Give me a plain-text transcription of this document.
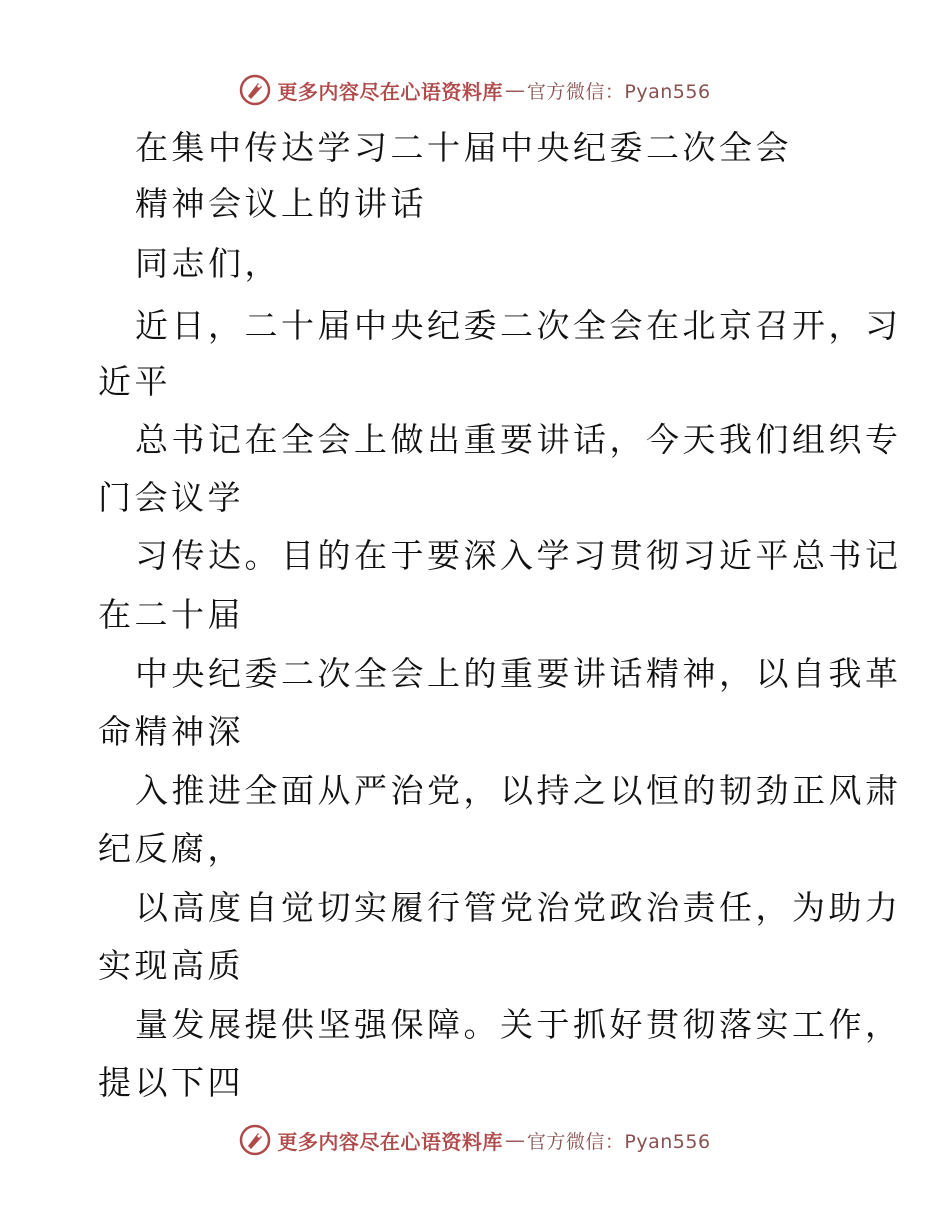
更多内容尽在心语资料库 — 官方微信：Pyan556
在集中传达学习二十届中央纪委二次全会
精神会议上的讲话
同志们，
近日，二十届中央纪委二次全会在北京召开，习
近平
总书记在全会上做出重要讲话，今天我们组织专
门会议学
习传达。目的在于要深入学习贯彻习近平总书记
在二十届
中央纪委二次全会上的重要讲话精神，以自我革
命精神深
入推进全面从严治党，以持之以恒的韧劲正风肃
纪反腐，
以高度自觉切实履行管党治党政治责任，为助力
实现高质
量发展提供坚强保障。关于抓好贯彻落实工作，
提以下四
更多内容尽在心语资料库 — 官方微信：Pyan556
